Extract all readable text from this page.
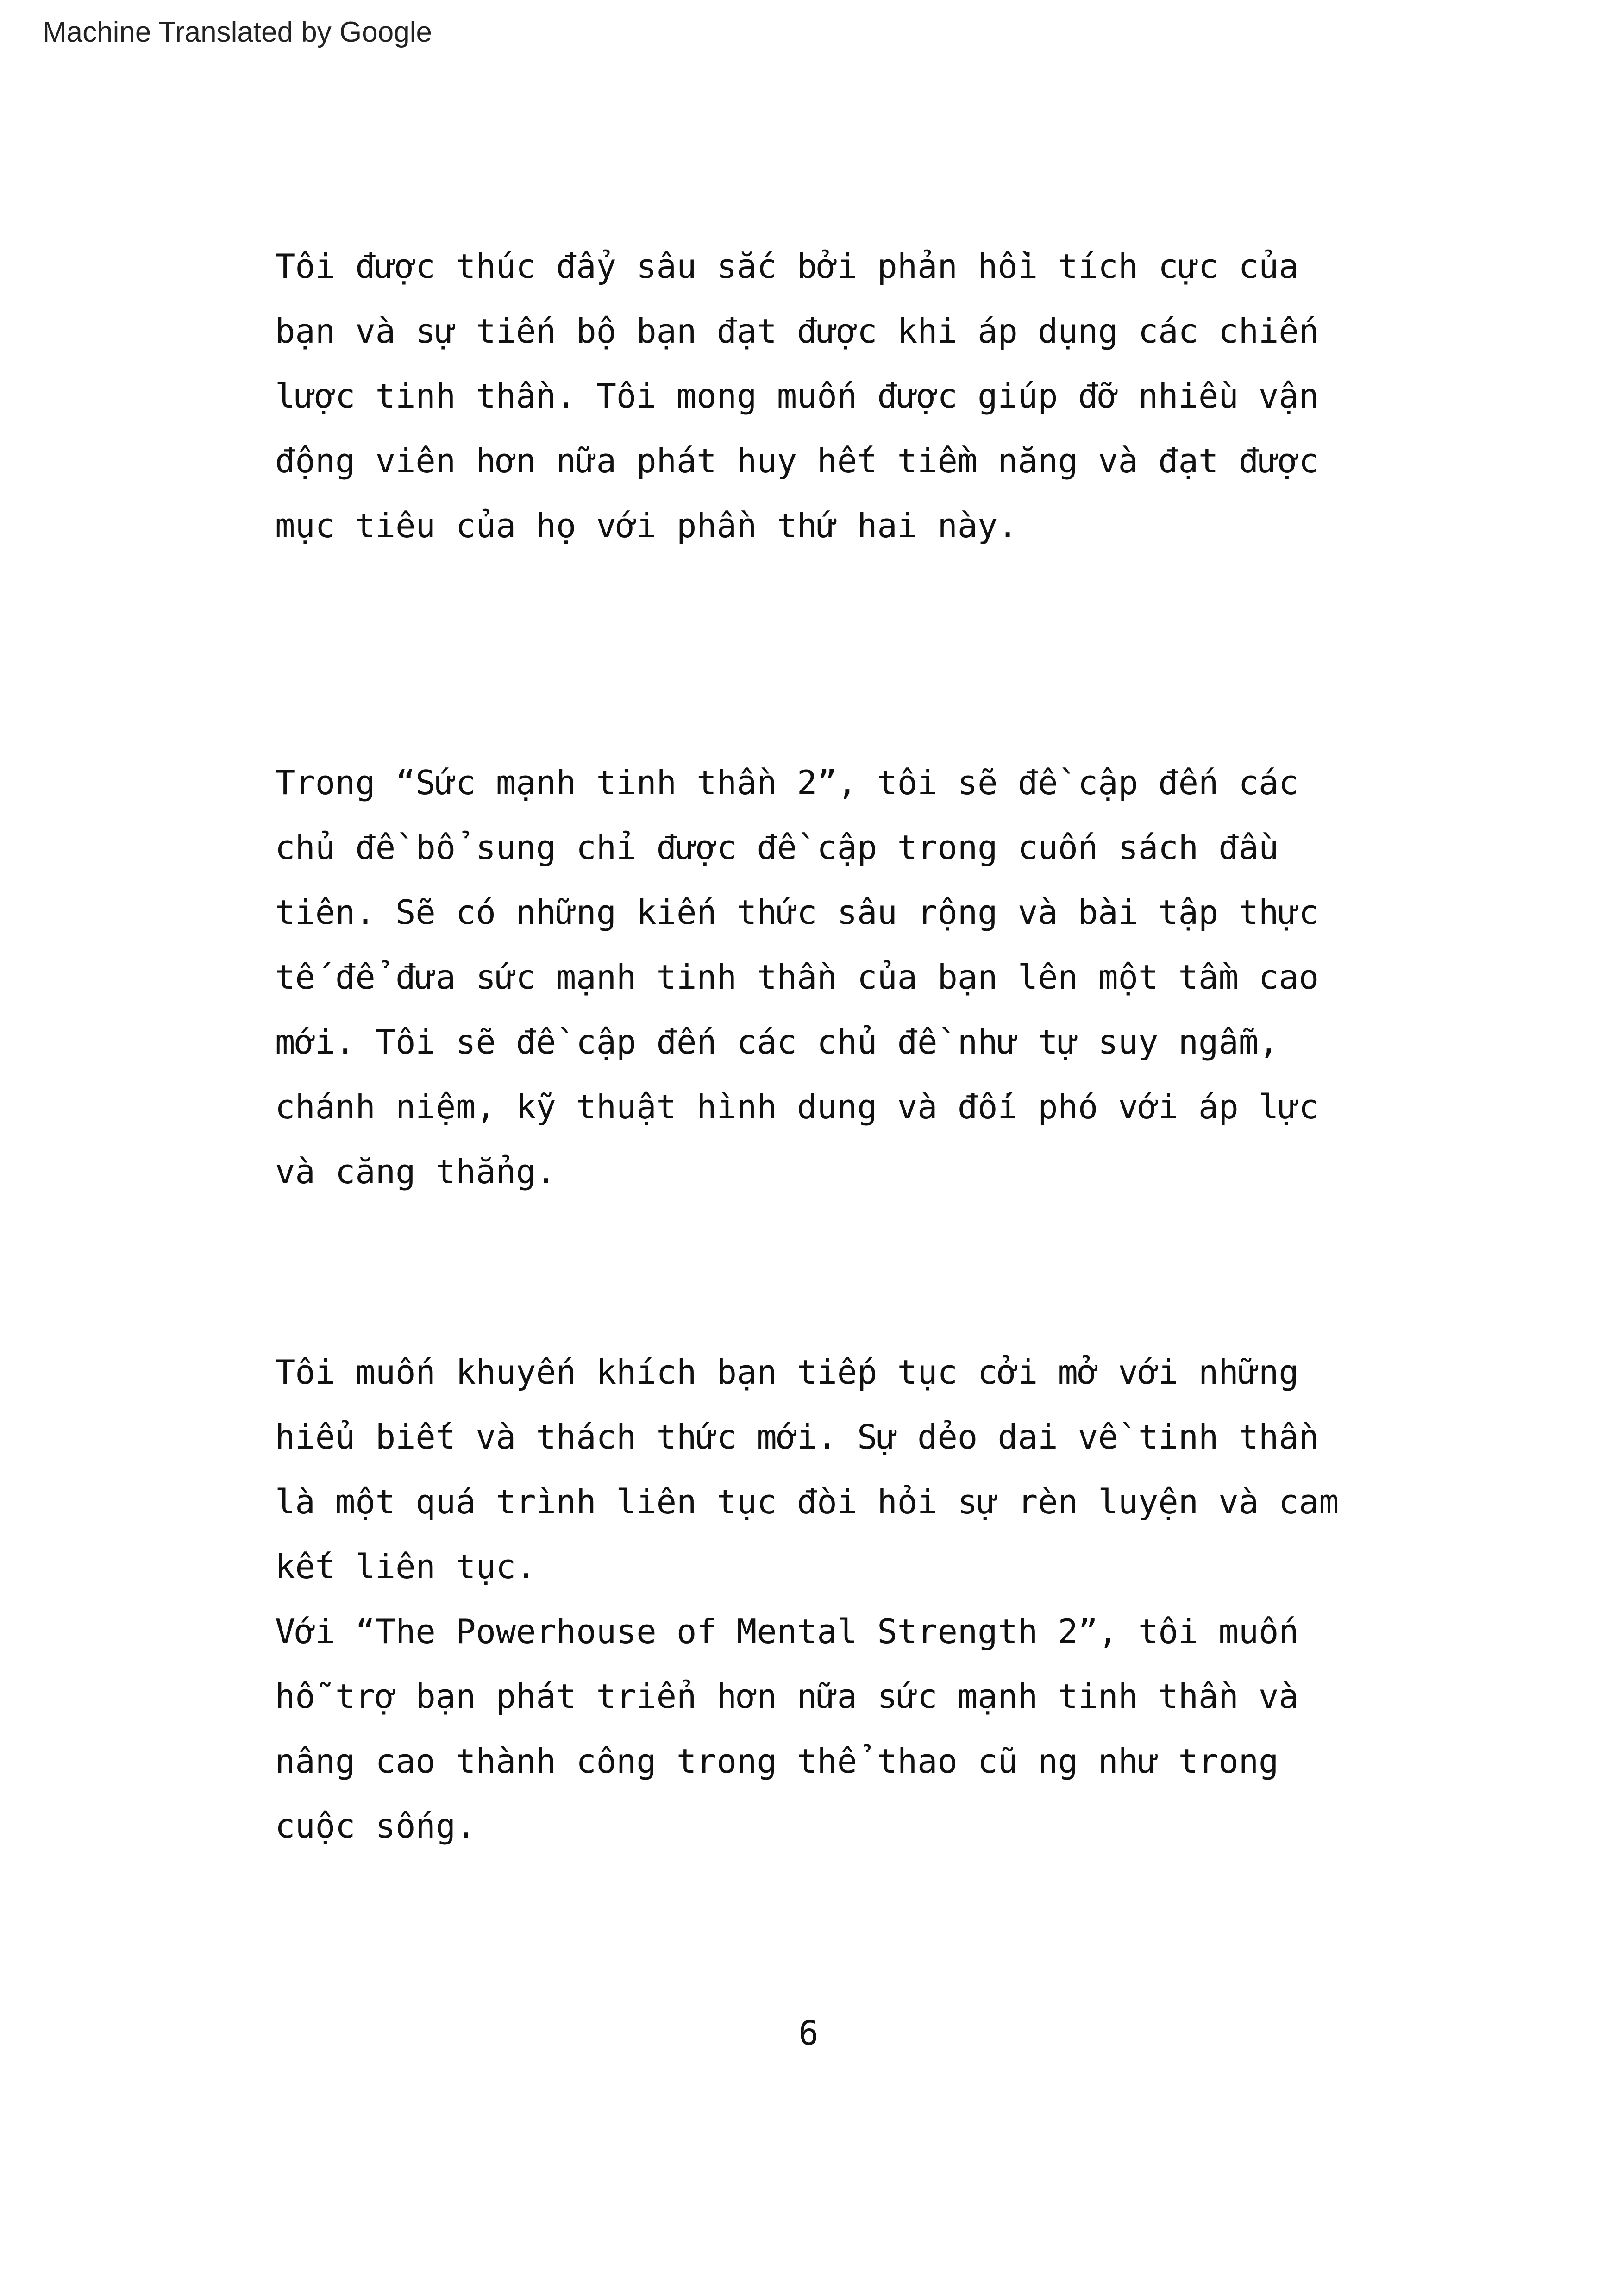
Machine Translated by Google
Tôi được thúc đẩy sâu sắc bởi phản hồi tích cực của
bạn và sự tiến bộ bạn đạt được khi áp dụng các chiến
lược tinh thần. Tôi mong muốn được giúp đỡ nhiều vận
động viên hơn nữa phát huy hết tiềm năng và đạt được
mục tiêu của họ với phần thứ hai này.
Trong “Sức mạnh tinh thần 2”, tôi sẽ đề cập đến các
chủ đề bổ sung chỉ được đề cập trong cuốn sách đầu
tiên. Sẽ có những kiến thức sâu rộng và bài tập thực
tế để đưa sức mạnh tinh thần của bạn lên một tầm cao
mới. Tôi sẽ đề cập đến các chủ đề như tự suy ngẫm,
chánh niệm, kỹ thuật hình dung và đối phó với áp lực
và căng thẳng.
Tôi muốn khuyến khích bạn tiếp tục cởi mở với những
hiểu biết và thách thức mới. Sự dẻo dai về tinh thần
là một quá trình liên tục đòi hỏi sự rèn luyện và cam
kết liên tục.
Với “The Powerhouse of Mental Strength 2”, tôi muốn
hỗ trợ bạn phát triển hơn nữa sức mạnh tinh thần và
nâng cao thành công trong thể thao cũ ng như trong
cuộc sống.
6
